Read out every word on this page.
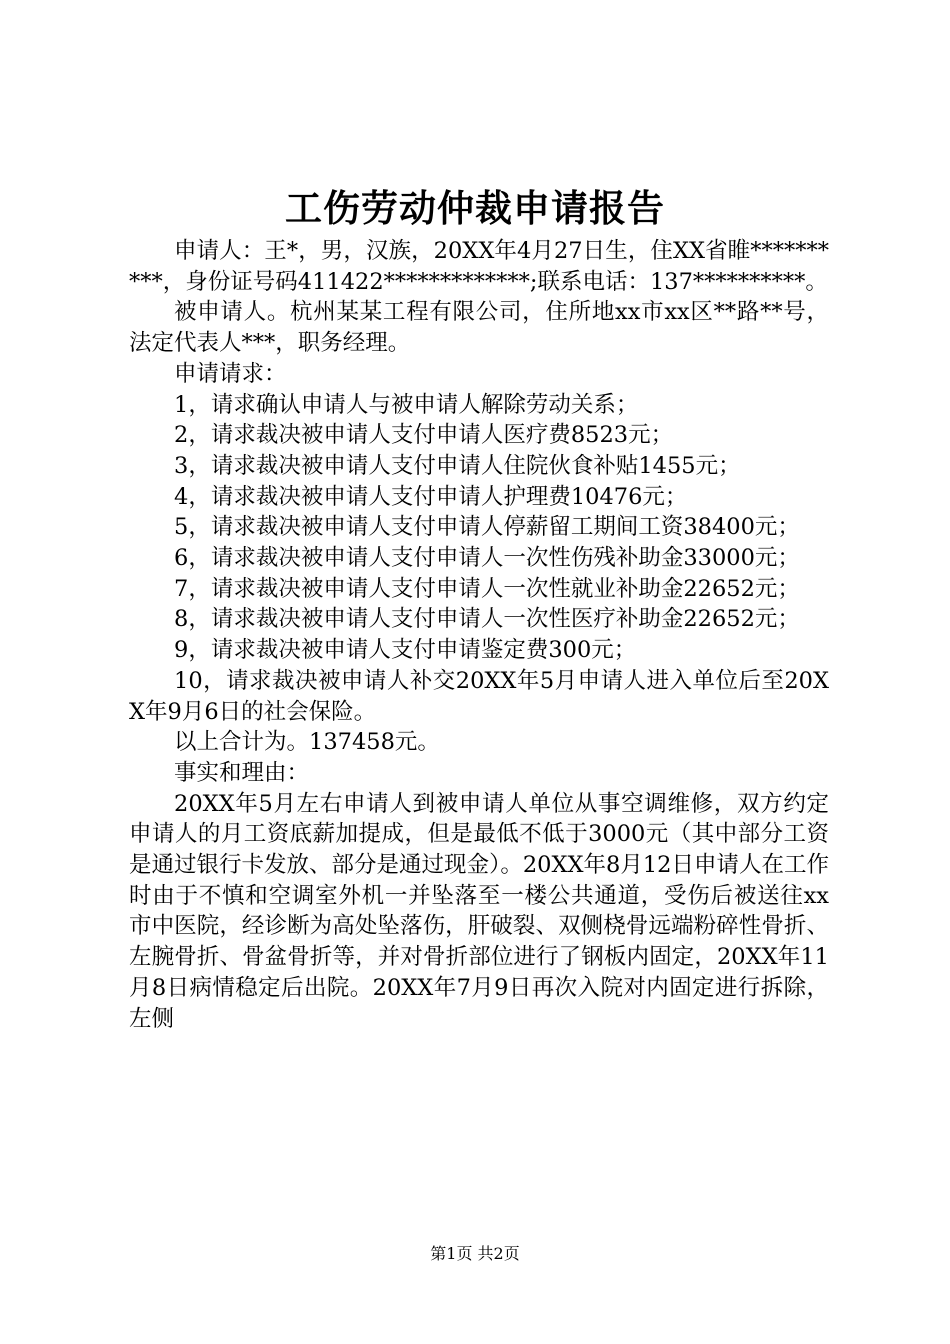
工伤劳动仲裁申请报告

申请人：王*，男，汉族，20XX年4月27日生，住XX省睢**********，身份证号码411422*************;联系电话：137**********。

被申请人。杭州某某工程有限公司，住所地xx市xx区**路**号，法定代表人***，职务经理。

申请请求：

1，请求确认申请人与被申请人解除劳动关系；

2，请求裁决被申请人支付申请人医疗费8523元；

3，请求裁决被申请人支付申请人住院伙食补贴1455元；

4，请求裁决被申请人支付申请人护理费10476元；

5，请求裁决被申请人支付申请人停薪留工期间工资38400元；

6，请求裁决被申请人支付申请人一次性伤残补助金33000元；

7，请求裁决被申请人支付申请人一次性就业补助金22652元；

8，请求裁决被申请人支付申请人一次性医疗补助金22652元；

9，请求裁决被申请人支付申请鉴定费300元；

10，请求裁决被申请人补交20XX年5月申请人进入单位后至20XX年9月6日的社会保险。

以上合计为。137458元。

事实和理由：

20XX年5月左右申请人到被申请人单位从事空调维修，双方约定申请人的月工资底薪加提成，但是最低不低于3000元（其中部分工资是通过银行卡发放、部分是通过现金）。20XX年8月12日申请人在工作时由于不慎和空调室外机一并坠落至一楼公共通道，受伤后被送往xx市中医院，经诊断为高处坠落伤，肝破裂、双侧桡骨远端粉碎性骨折、左腕骨折、骨盆骨折等，并对骨折部位进行了钢板内固定，20XX年11月8日病情稳定后出院。20XX年7月9日再次入院对内固定进行拆除，左侧

第1页 共2页
